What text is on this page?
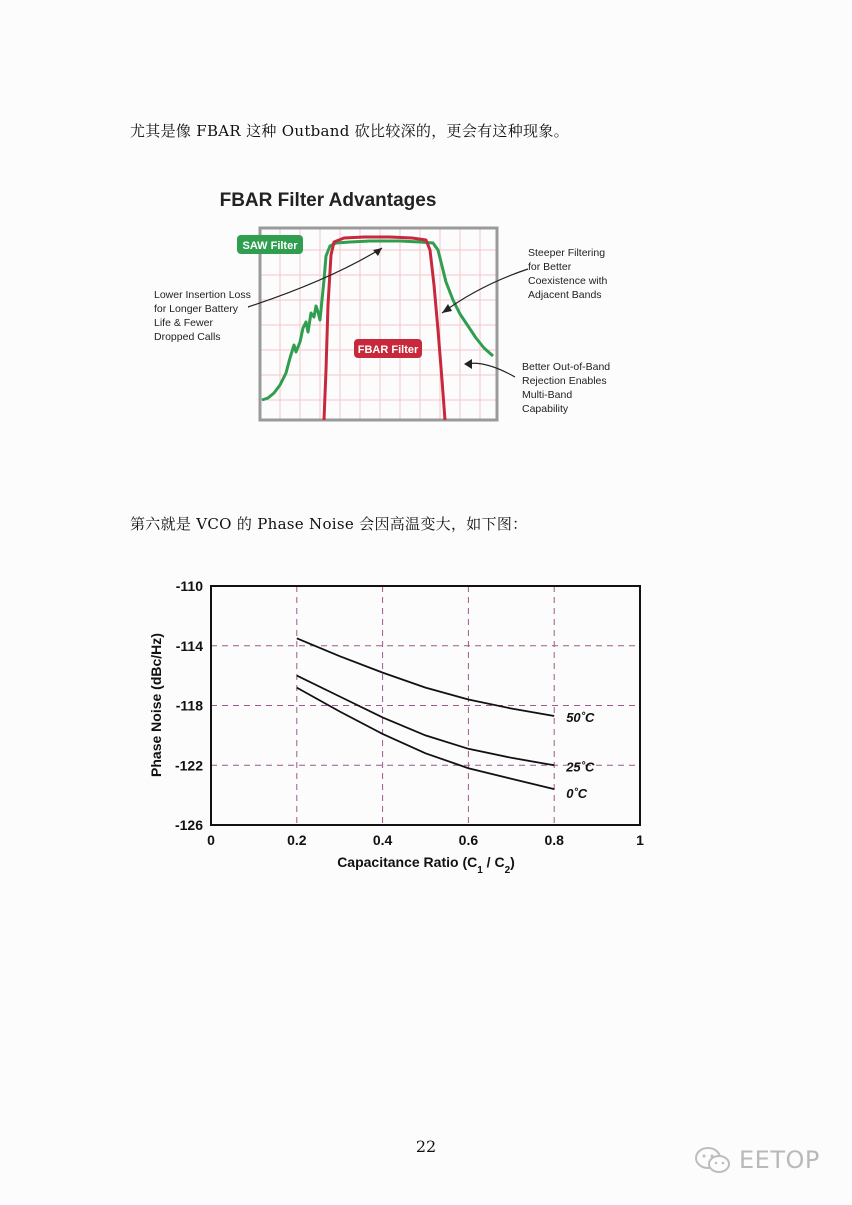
尤其是像 FBAR 这种 Outband 砍比较深的，更会有这种现象。
FBAR Filter Advantages
SAW Filter
FBAR Filter
Lower Insertion Loss
for Longer Battery
Life & Fewer
Dropped Calls
Steeper Filtering
for Better
Coexistence with
Adjacent Bands
Better Out-of-Band
Rejection Enables
Multi-Band
Capability
第六就是 VCO 的 Phase Noise 会因高温变大，如下图：
0	0.2	0.4	0.6	0.8	1
-110
-114
-118
-122
-126
50˚C
25˚C
0˚C
Capacitance Ratio $(C_1 / C_2)$
Phase Noise (dBc/Hz)
22	EETOP
